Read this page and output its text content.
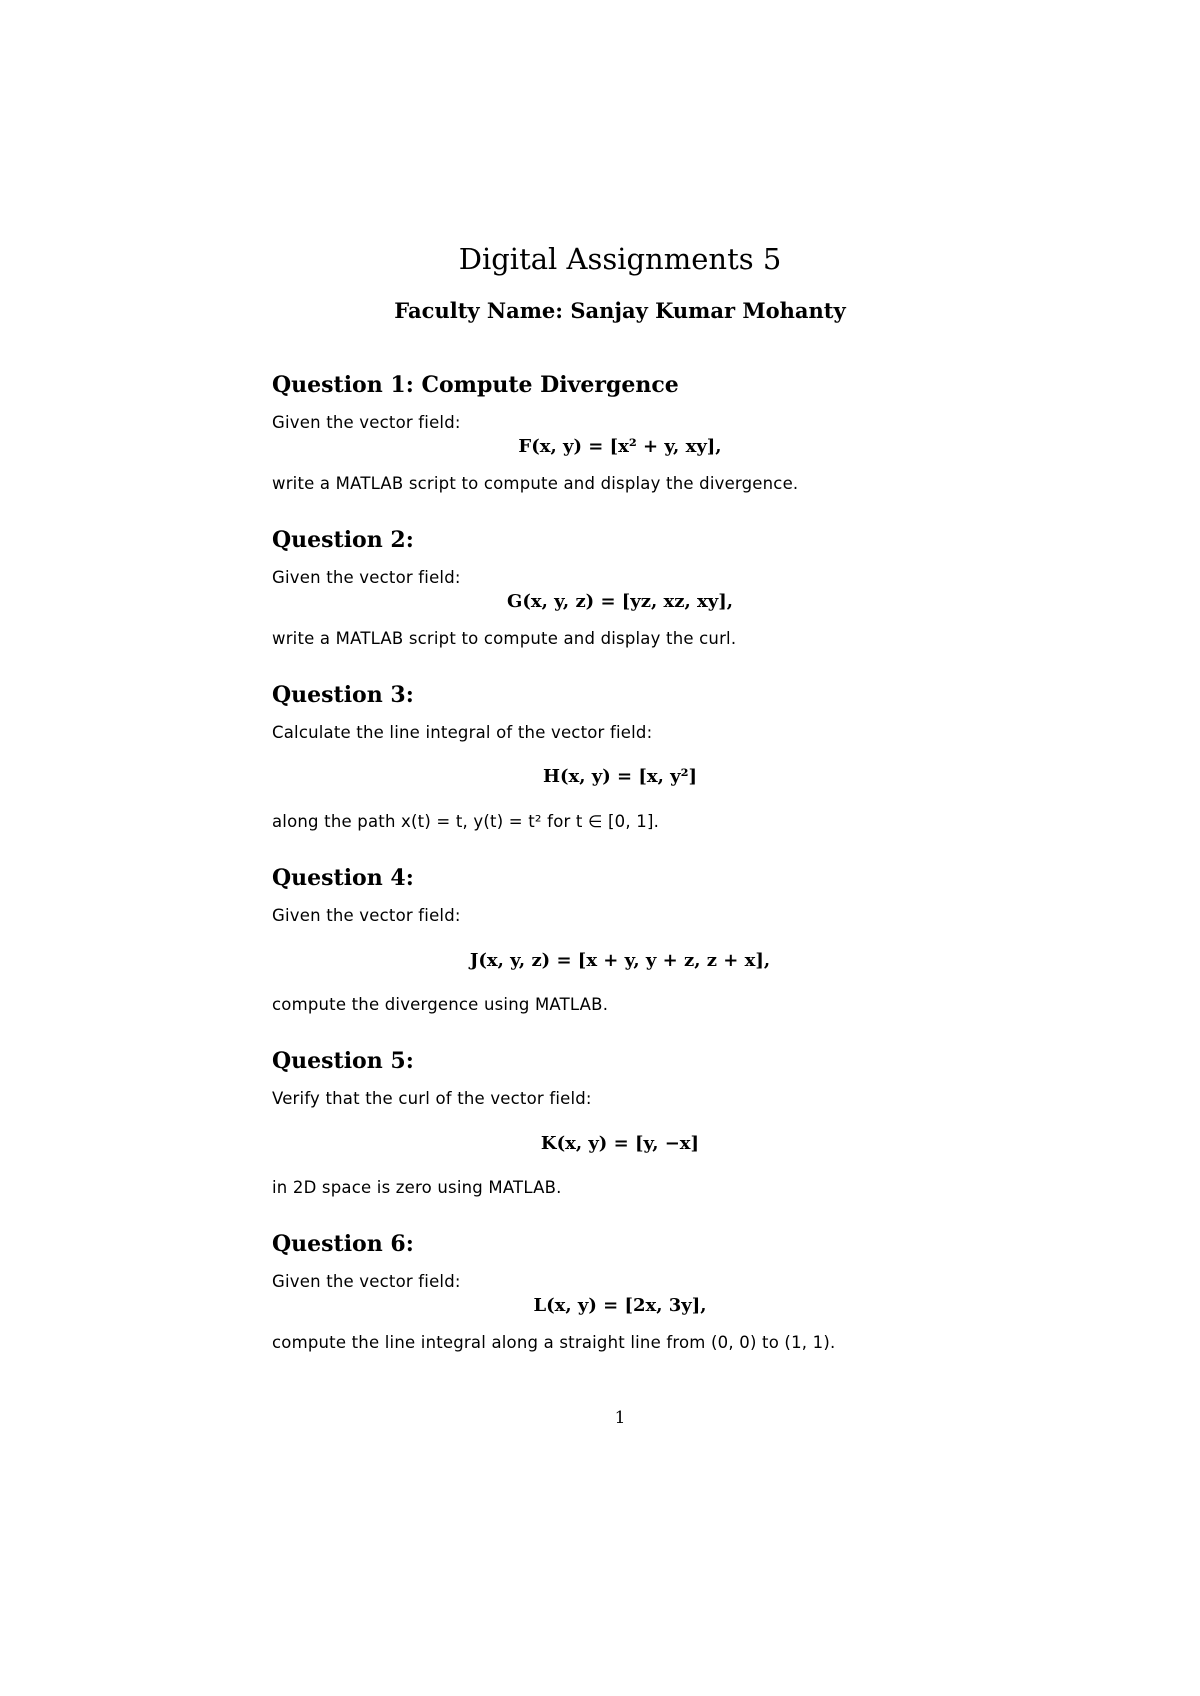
Digital Assignments 5
Faculty Name: Sanjay Kumar Mohanty
Question 1: Compute Divergence
Given the vector field:
F(x, y) = [x² + y, xy],
write a MATLAB script to compute and display the divergence.
Question 2:
Given the vector field:
G(x, y, z) = [yz, xz, xy],
write a MATLAB script to compute and display the curl.
Question 3:
Calculate the line integral of the vector field:
H(x, y) = [x, y²]
along the path x(t) = t, y(t) = t² for t ∈ [0, 1].
Question 4:
Given the vector field:
J(x, y, z) = [x + y, y + z, z + x],
compute the divergence using MATLAB.
Question 5:
Verify that the curl of the vector field:
K(x, y) = [y, −x]
in 2D space is zero using MATLAB.
Question 6:
Given the vector field:
L(x, y) = [2x, 3y],
compute the line integral along a straight line from (0, 0) to (1, 1).
1
